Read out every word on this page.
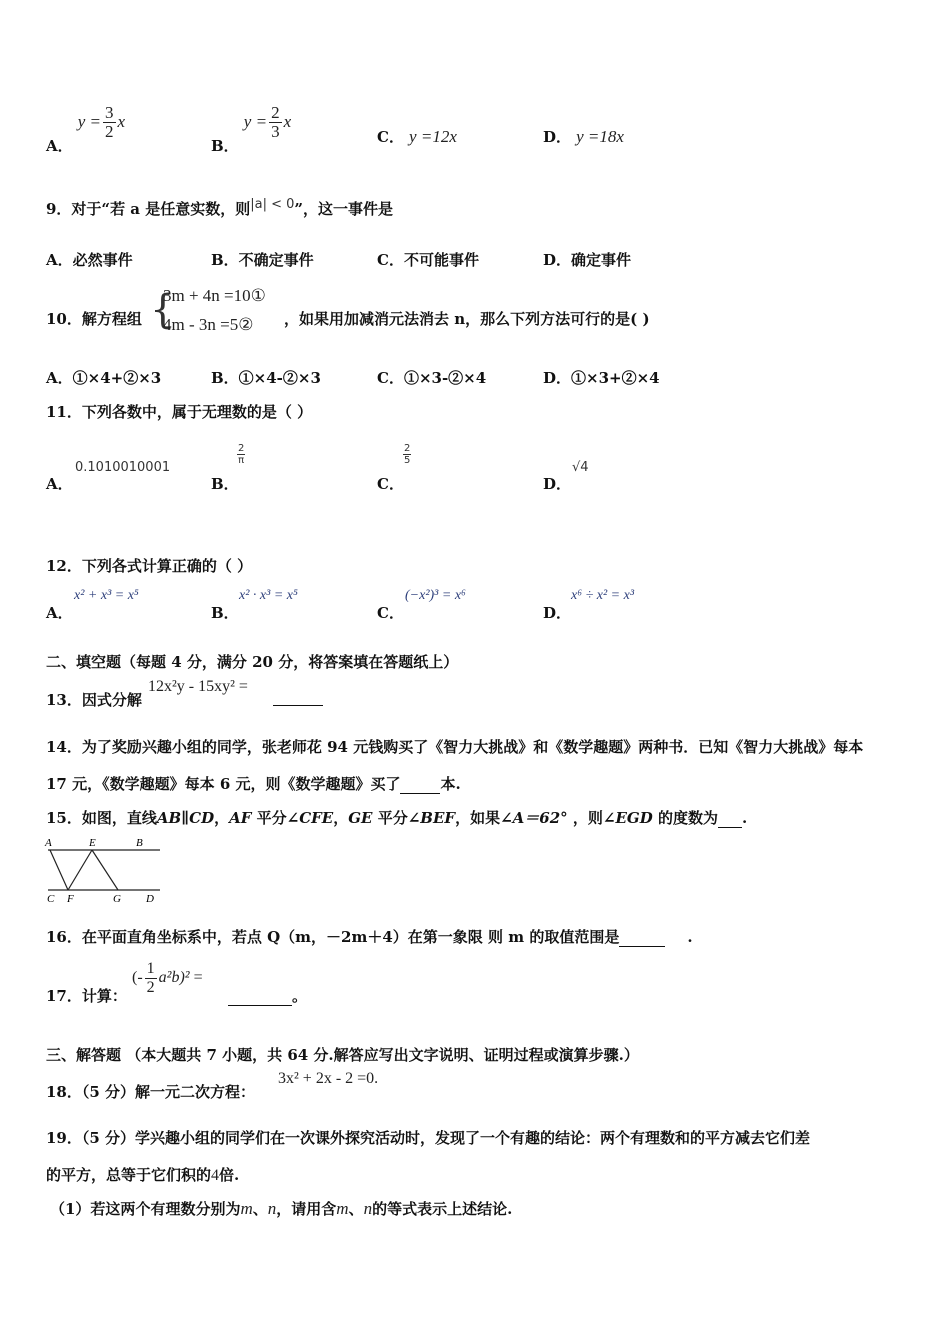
A． $y = \frac{3}{2}$ x
B． $y = \frac{2}{3}$ x
C． y =12x	D． y =18x
9．对于“若 a 是任意实数，则$^{|a| < 0}$”，这一事件是
A．必然事件	B．不确定事件	C．不可能事件	D．确定事件
10．解方程组 {
3m + 4n =10①
4m - 3n =5② ，如果用加减消元法消去 n，那么下列方法可行的是( )
A．①×4+②×3	B．①×4-②×3	C．①×3-②×4	D．①×3+②×4
11．下列各数中，属于无理数的是（ ）
A．
0.1010010001
B．
$\frac{2}{\pi}$
C．
$\frac{2}{5}$
D．
√4
12．下列各式计算正确的（ ）
A．
x² + x³ = x⁵
B．
x² · x³ = x⁵
C．
(−x²)³ = x⁶
D．
x⁶ ÷ x² = x³
二、填空题（每题 4 分，满分 20 分，将答案填在答题纸上）
13．因式分解
12x²y - 15xy² =
14．为了奖励兴趣小组的同学，张老师花 94 元钱购买了《智力大挑战》和《数学趣题》两种书．已知《智力大挑战》每本
17 元，《数学趣题》每本 6 元，则《数学趣题》买了	本.
15．如图，直线AB∥CD，AF 平分∠CFE，GE 平分∠BEF，如果∠A＝62° ，则∠EGD 的度数为 .
A	E	B
C F	G D
16．在平面直角坐标系中，若点 Q（m，－2m＋4）在第一象限 则 m 的取值范围是	.
17．计算：
(- $\frac{1}{2} a^2b)^2$ =
。
三、解答题 （本大题共 7 小题，共 64 分.解答应写出文字说明、证明过程或演算步骤.）
18．（5 分）解一元二次方程：
3x² + 2x - 2 =0.
19．（5 分）学兴趣小组的同学们在一次课外探究活动时，发现了一个有趣的结论：两个有理数和的平方减去它们差
的平方，总等于它们积的4倍.
（1）若这两个有理数分别为m、n，请用含m、n的等式表示上述结论.
